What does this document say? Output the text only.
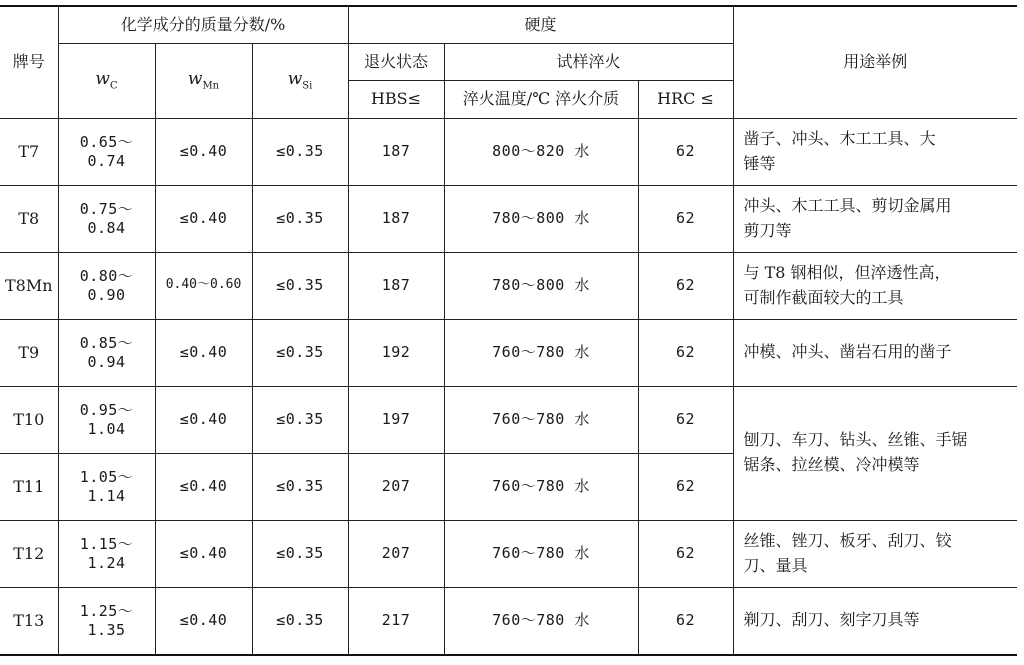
牌号	化学成分的质量分数/%			硬度			用途举例
	$w_C$	$w_{Mn}$	$w_{Si}$	退火状态	试样淬火		
				HBS≤	淬火温度/℃ 淬火介质	HRC ≤	
T7	0.65～
0.74	≤0.40	≤0.35	187	800～820 水	62	凿子、冲头、木工工具、大
锤等

T8	0.75～
0.84	≤0.40	≤0.35	187	780～800 水	62	冲头、木工工具、剪切金属用
剪刀等

T8Mn	0.80～
0.90	0.40～0.60	≤0.35	187	780～800 水	62	与 T8 钢相似，但淬透性高，
可制作截面较大的工具

T9	0.85～
0.94	≤0.40	≤0.35	192	760～780 水	62	冲模、冲头、凿岩石用的凿子

T10	0.95～
1.04	≤0.40	≤0.35	197	760～780 水	62	刨刀、车刀、钻头、丝锥、手锯
锯条、拉丝模、冷冲模等

T11	1.05～
1.14	≤0.40	≤0.35	207	760～780 水	62	
T12	1.15～
1.24	≤0.40	≤0.35	207	760～780 水	62	丝锥、锉刀、板牙、刮刀、铰
刀、量具

T13	1.25～
1.35	≤0.40	≤0.35	217	760～780 水	62	剃刀、刮刀、刻字刀具等
